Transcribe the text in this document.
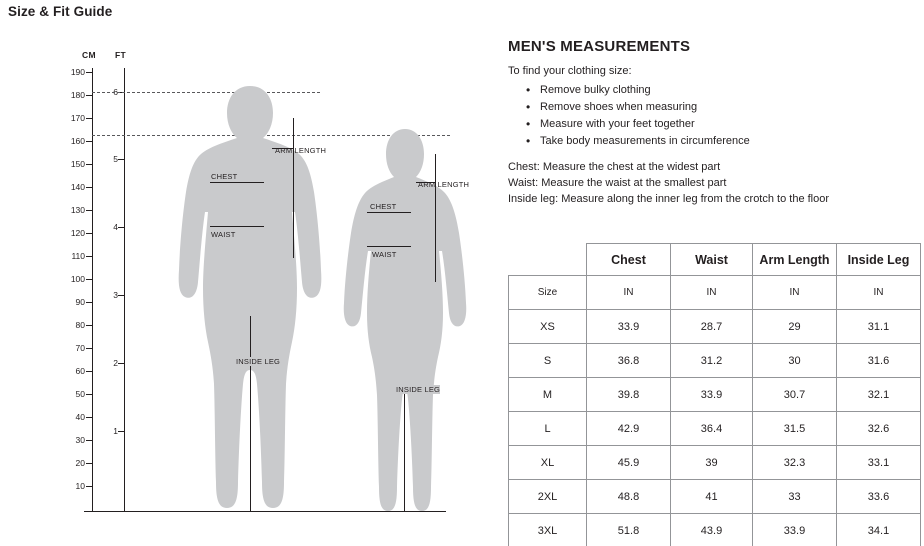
Size & Fit Guide
CM FT
190
180
170
160
150
140
130
120
110
100
90
80
70
60
50
40
30
20
10
6
5
4
3
2
1
CHEST
WAIST
ARM LENGTH
INSIDE LEG
CHEST
WAIST
ARM LENGTH
INSIDE LEG
MEN'S MEASUREMENTS

To find your clothing size:

• Remove bulky clothing
• Remove shoes when measuring
• Measure with your feet together
• Take body measurements in circumference

Chest: Measure the chest at the widest part

Waist: Measure the waist at the smallest part

Inside leg: Measure along the inner leg from the crotch to the floor

	Chest	Waist	Arm Length	Inside Leg
Size	IN	IN	IN	IN
XS	33.9	28.7	29	31.1
S	36.8	31.2	30	31.6
M	39.8	33.9	30.7	32.1
L	42.9	36.4	31.5	32.6
XL	45.9	39	32.3	33.1
2XL	48.8	41	33	33.6
3XL	51.8	43.9	33.9	34.1
